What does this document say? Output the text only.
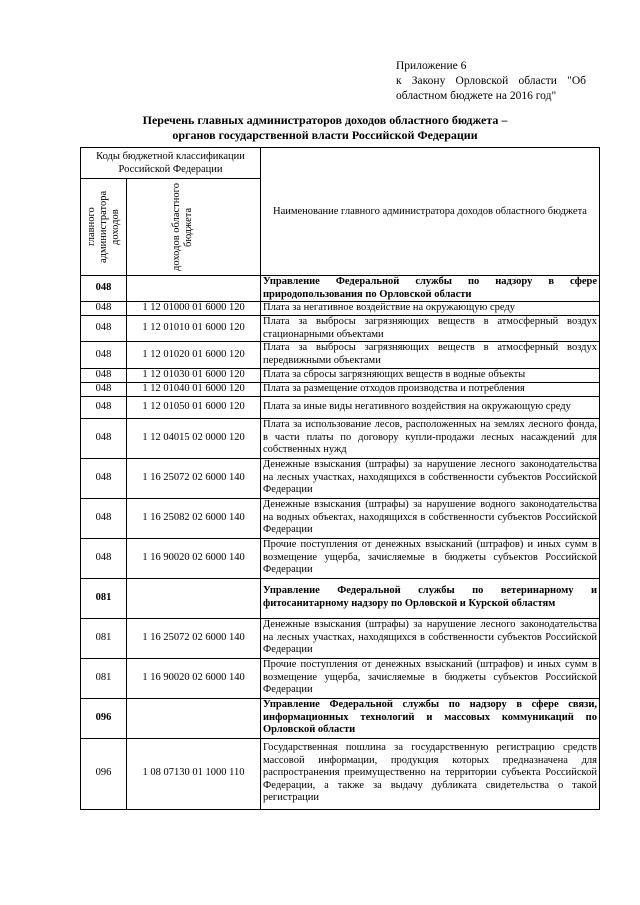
Приложение 6
к Закону Орловской области "Об
областном бюджете на 2016 год"
Перечень главных администраторов доходов областного бюджета –
органов государственной власти Российской Федерации
Коды бюджетной классификации Российской Федерации		Наименование главного администратора доходов областного бюджета

главного администратора доходов	доходов областного бюджета	

048		Управление Федеральной службы по надзору в сфере природопользования по Орловской области
048	1 12 01000 01 6000 120	Плата за негативное воздействие на окружающую среду
048	1 12 01010 01 6000 120	Плата за выбросы загрязняющих веществ в атмосферный воздух стационарными объектами
048	1 12 01020 01 6000 120	Плата за выбросы загрязняющих веществ в атмосферный воздух передвижными объектами
048	1 12 01030 01 6000 120	Плата за сбросы загрязняющих веществ в водные объекты
048	1 12 01040 01 6000 120	Плата за размещение отходов производства и потребления
048	1 12 01050 01 6000 120	Плата за иные виды негативного воздействия на окружающую среду
048	1 12 04015 02 0000 120	Плата за использование лесов, расположенных на землях лесного фонда, в части платы по договору купли-продажи лесных насаждений для собственных нужд
048	1 16 25072 02 6000 140	Денежные взыскания (штрафы) за нарушение лесного законодательства на лесных участках, находящихся в собственности субъектов Российской Федерации
048	1 16 25082 02 6000 140	Денежные взыскания (штрафы) за нарушение водного законодательства на водных объектах, находящихся в собственности субъектов Российской Федерации
048	1 16 90020 02 6000 140	Прочие поступления от денежных взысканий (штрафов) и иных сумм в возмещение ущерба, зачисляемые в бюджеты субъектов Российской Федерации
081		Управление Федеральной службы по ветеринарному и фитосанитарному надзору по Орловской и Курской областям
081	1 16 25072 02 6000 140	Денежные взыскания (штрафы) за нарушение лесного законодательства на лесных участках, находящихся в собственности субъектов Российской Федерации
081	1 16 90020 02 6000 140	Прочие поступления от денежных взысканий (штрафов) и иных сумм в возмещение ущерба, зачисляемые в бюджеты субъектов Российской Федерации
096		Управление Федеральной службы по надзору в сфере связи, информационных технологий и массовых коммуникаций по Орловской области
096	1 08 07130 01 1000 110	Государственная пошлина за государственную регистрацию средств массовой информации, продукция которых предназначена для распространения преимущественно на территории субъекта Российской Федерации, а также за выдачу дубликата свидетельства о такой регистрации
